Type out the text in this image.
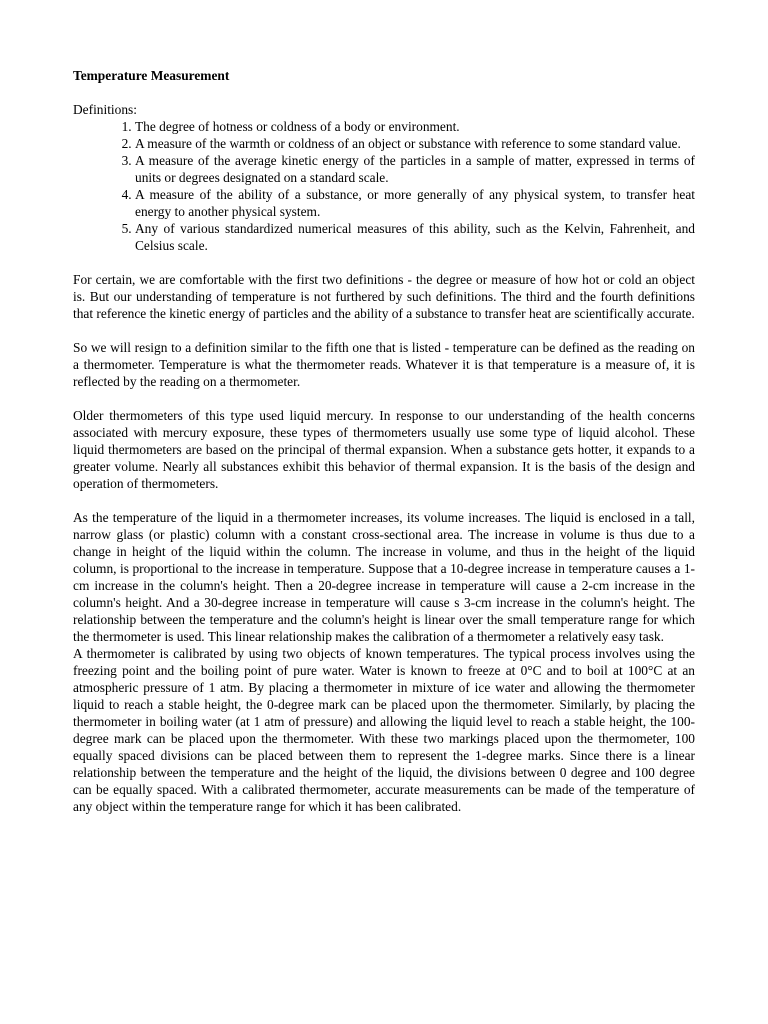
Temperature Measurement
Definitions:
1. The degree of hotness or coldness of a body or environment.
2. A measure of the warmth or coldness of an object or substance with reference to some standard value.
3. A measure of the average kinetic energy of the particles in a sample of matter, expressed in terms of units or degrees designated on a standard scale.
4. A measure of the ability of a substance, or more generally of any physical system, to transfer heat energy to another physical system.
5. Any of various standardized numerical measures of this ability, such as the Kelvin, Fahrenheit, and Celsius scale.

For certain, we are comfortable with the first two definitions - the degree or measure of how hot or cold an object is. But our understanding of temperature is not furthered by such definitions. The third and the fourth definitions that reference the kinetic energy of particles and the ability of a substance to transfer heat are scientifically accurate.

So we will resign to a definition similar to the fifth one that is listed - temperature can be defined as the reading on a thermometer. Temperature is what the thermometer reads. Whatever it is that temperature is a measure of, it is reflected by the reading on a thermometer.

Older thermometers of this type used liquid mercury. In response to our understanding of the health concerns associated with mercury exposure, these types of thermometers usually use some type of liquid alcohol. These liquid thermometers are based on the principal of thermal expansion. When a substance gets hotter, it expands to a greater volume. Nearly all substances exhibit this behavior of thermal expansion. It is the basis of the design and operation of thermometers.

As the temperature of the liquid in a thermometer increases, its volume increases. The liquid is enclosed in a tall, narrow glass (or plastic) column with a constant cross-sectional area. The increase in volume is thus due to a change in height of the liquid within the column. The increase in volume, and thus in the height of the liquid column, is proportional to the increase in temperature. Suppose that a 10-degree increase in temperature causes a 1-cm increase in the column's height. Then a 20-degree increase in temperature will cause a 2-cm increase in the column's height. And a 30-degree increase in temperature will cause s 3-cm increase in the column's height. The relationship between the temperature and the column's height is linear over the small temperature range for which the thermometer is used. This linear relationship makes the calibration of a thermometer a relatively easy task.

A thermometer is calibrated by using two objects of known temperatures. The typical process involves using the freezing point and the boiling point of pure water. Water is known to freeze at 0°C and to boil at 100°C at an atmospheric pressure of 1 atm. By placing a thermometer in mixture of ice water and allowing the thermometer liquid to reach a stable height, the 0-degree mark can be placed upon the thermometer. Similarly, by placing the thermometer in boiling water (at 1 atm of pressure) and allowing the liquid level to reach a stable height, the 100-degree mark can be placed upon the thermometer. With these two markings placed upon the thermometer, 100 equally spaced divisions can be placed between them to represent the 1-degree marks. Since there is a linear relationship between the temperature and the height of the liquid, the divisions between 0 degree and 100 degree can be equally spaced. With a calibrated thermometer, accurate measurements can be made of the temperature of any object within the temperature range for which it has been calibrated.
